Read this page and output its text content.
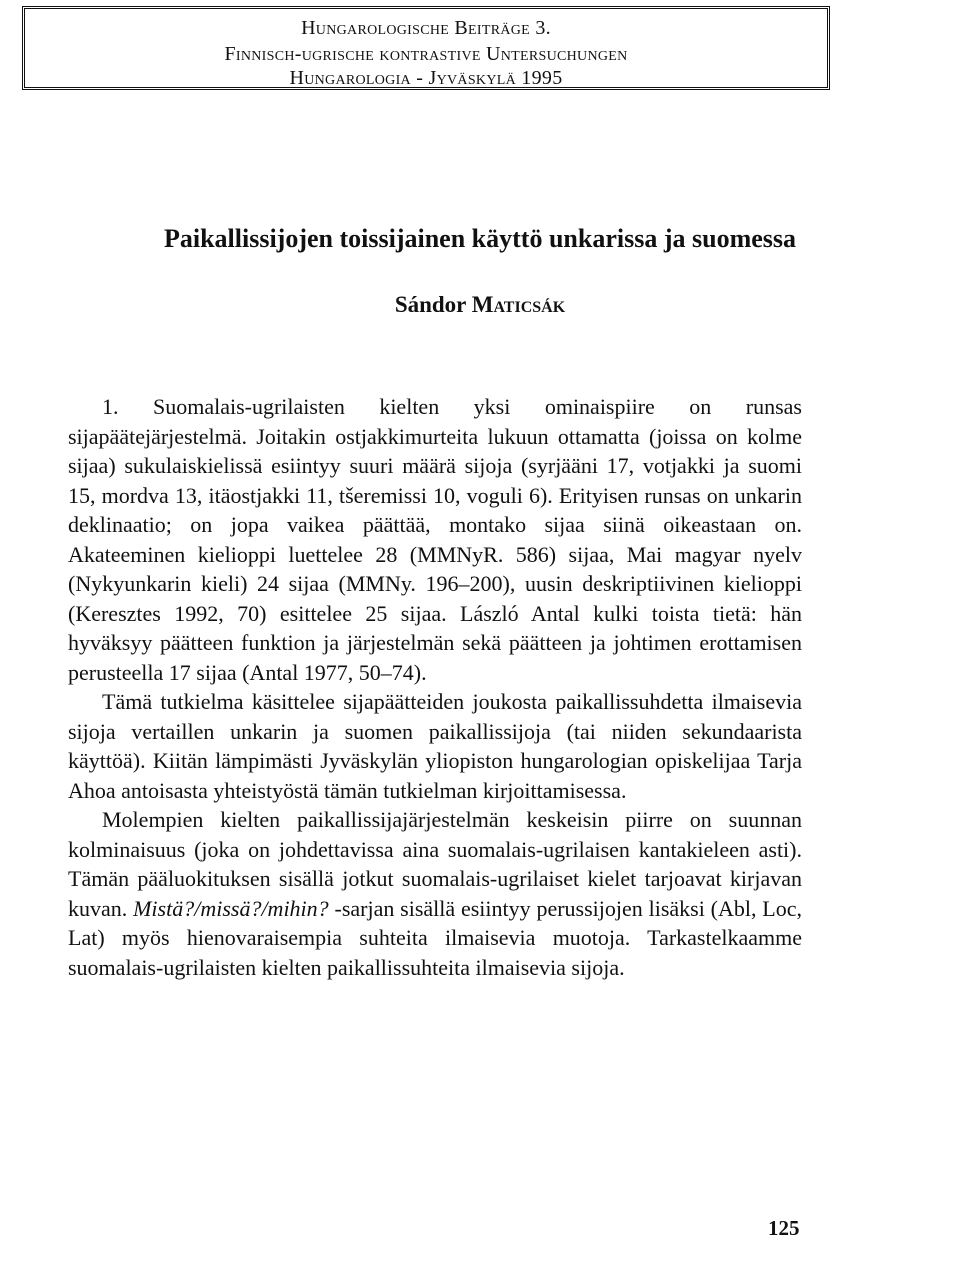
Hungarologische Beiträge 3.
Finnisch-ugrische kontrastive Untersuchungen
Hungarologia - Jyväskylä 1995
Paikallissijojen toissijainen käyttö unkarissa ja suomessa
Sándor Maticsák

1. Suomalais-ugrilaisten kielten yksi ominaispiire on runsas sijapäätejärjestelmä. Joitakin ostjakkimurteita lukuun ottamatta (joissa on kolme sijaa) sukulaiskielissä esiintyy suuri määrä sijoja (syrjääni 17, votjakki ja suomi 15, mordva 13, itäostjakki 11, tšeremissi 10, voguli 6). Erityisen runsas on unkarin deklinaatio; on jopa vaikea päättää, montako sijaa siinä oikeastaan on. Akateeminen kielioppi luettelee 28 (MMNyR. 586) sijaa, Mai magyar nyelv (Nykyunkarin kieli) 24 sijaa (MMNy. 196–200), uusin deskriptiivinen kielioppi (Keresztes 1992, 70) esittelee 25 sijaa. László Antal kulki toista tietä: hän hyväksyy päätteen funktion ja järjestelmän sekä päätteen ja johtimen erottamisen perusteella 17 sijaa (Antal 1977, 50–74).

Tämä tutkielma käsittelee sijapäätteiden joukosta paikallissuhdetta ilmaisevia sijoja vertaillen unkarin ja suomen paikallissijoja (tai niiden sekundaarista käyttöä). Kiitän lämpimästi Jyväskylän yliopiston hungarologian opiskelijaa Tarja Ahoa antoisasta yhteistyöstä tämän tutkielman kirjoittamisessa.

Molempien kielten paikallissijajärjestelmän keskeisin piirre on suunnan kolminaisuus (joka on johdettavissa aina suomalais-ugrilaisen kantakieleen asti). Tämän pääluokituksen sisällä jotkut suomalais-ugrilaiset kielet tarjoavat kirjavan kuvan. Mistä?/missä?/mihin? -sarjan sisällä esiintyy perussijojen lisäksi (Abl, Loc, Lat) myös hienovaraisempia suhteita ilmaisevia muotoja. Tarkastelkaamme suomalais-ugrilaisten kielten paikallissuhteita ilmaisevia sijoja.

125
